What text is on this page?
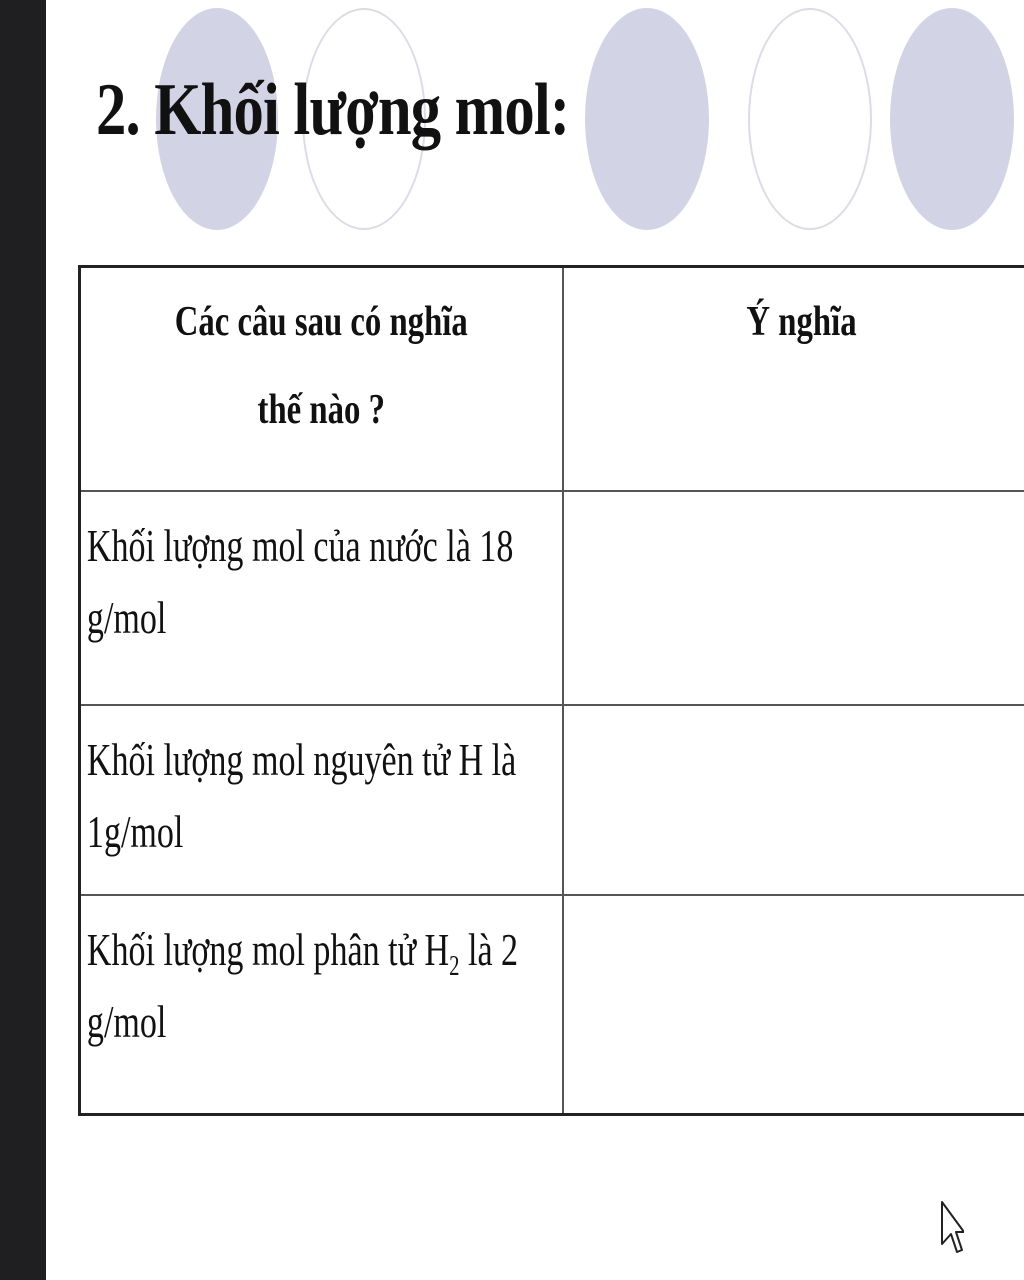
2. Khối lượng mol:
Các câu sau có nghĩa
thế nào ?	Ý nghĩa

Khối lượng mol của nước là 18
g/mol	

Khối lượng mol nguyên tử H là
1g/mol	

Khối lượng mol phân tử $H_2$ là 2
g/mol	
